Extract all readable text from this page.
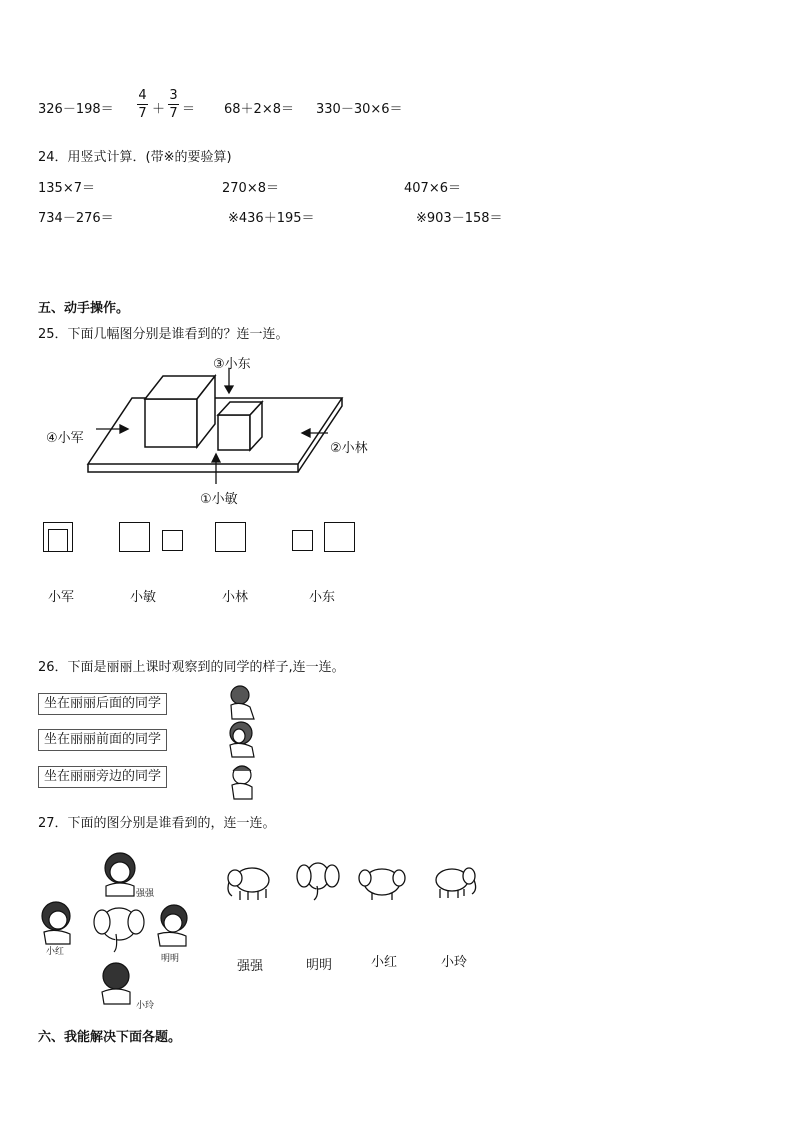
326－198＝
4
7 ＋
3
7 ＝ 68＋2×8＝ 330－30×6＝
24．用竖式计算．(带※的要验算)
135×7＝	270×8＝	407×6＝
734－276＝	※436＋195＝	※903－158＝
五、动手操作。
25．下面几幅图分别是谁看到的？连一连。
③小东
④小军
②小林
①小敏
小军	小敏	小林	小东
26．下面是丽丽上课时观察到的同学的样子,连一连。
坐在丽丽后面的同学
坐在丽丽前面的同学
坐在丽丽旁边的同学
27．下面的图分别是谁看到的，连一连。
强强
小红
明明
小玲
强强	明明	小红	小玲
六、我能解决下面各题。
